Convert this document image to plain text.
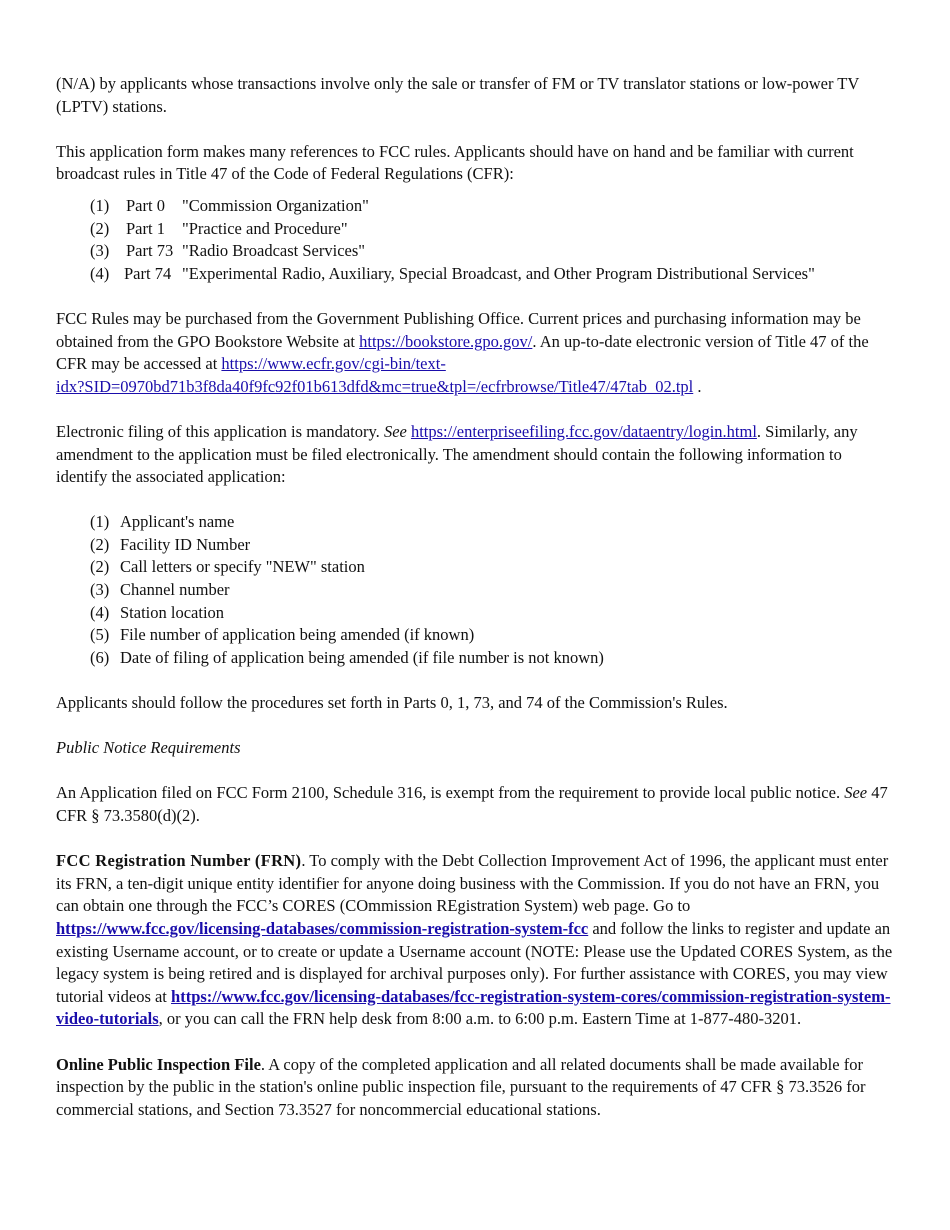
(N/A) by applicants whose transactions involve only the sale or transfer of FM or TV translator stations or low-power TV (LPTV) stations.

This application form makes many references to FCC rules. Applicants should have on hand and be familiar with current broadcast rules in Title 47 of the Code of Federal Regulations (CFR):

(1) Part 0 "Commission Organization"
(2) Part 1 "Practice and Procedure"
(3) Part 73 "Radio Broadcast Services"
(4) Part 74 "Experimental Radio, Auxiliary, Special Broadcast, and Other Program Distributional Services"

FCC Rules may be purchased from the Government Publishing Office. Current prices and purchasing information may be obtained from the GPO Bookstore Website at https://bookstore.gpo.gov/. An up-to-date electronic version of Title 47 of the CFR may be accessed at https://www.ecfr.gov/cgi-bin/text-
idx?SID=0970bd71b3f8da40f9fc92f01b613dfd&mc=true&tpl=/ecfrbrowse/Title47/47tab_02.tpl .

Electronic filing of this application is mandatory. See https://enterpriseefiling.fcc.gov/dataentry/login.html. Similarly, any amendment to the application must be filed electronically. The amendment should contain the following information to identify the associated application:

(1) Applicant's name
(2) Facility ID Number
(2) Call letters or specify "NEW" station
(3) Channel number
(4) Station location
(5) File number of application being amended (if known)
(6) Date of filing of application being amended (if file number is not known)

Applicants should follow the procedures set forth in Parts 0, 1, 73, and 74 of the Commission's Rules.

Public Notice Requirements

An Application filed on FCC Form 2100, Schedule 316, is exempt from the requirement to provide local public notice. See 47 CFR § 73.3580(d)(2).

FCC Registration Number (FRN). To comply with the Debt Collection Improvement Act of 1996, the applicant must enter its FRN, a ten-digit unique entity identifier for anyone doing business with the Commission. If you do not have an FRN, you can obtain one through the FCC’s CORES (COmmission REgistration System) web page. Go to https://www.fcc.gov/licensing-databases/commission-registration-system-fcc and follow the links to register and update an existing Username account, or to create or update a Username account (NOTE: Please use the Updated CORES System, as the legacy system is being retired and is displayed for archival purposes only). For further assistance with CORES, you may view tutorial videos at https://www.fcc.gov/licensing-databases/fcc-registration-system-cores/commission-registration-system-video-tutorials, or you can call the FRN help desk from 8:00 a.m. to 6:00 p.m. Eastern Time at 1-877-480-3201.

Online Public Inspection File. A copy of the completed application and all related documents shall be made available for inspection by the public in the station's online public inspection file, pursuant to the requirements of 47 CFR § 73.3526 for commercial stations, and Section 73.3527 for noncommercial educational stations.
